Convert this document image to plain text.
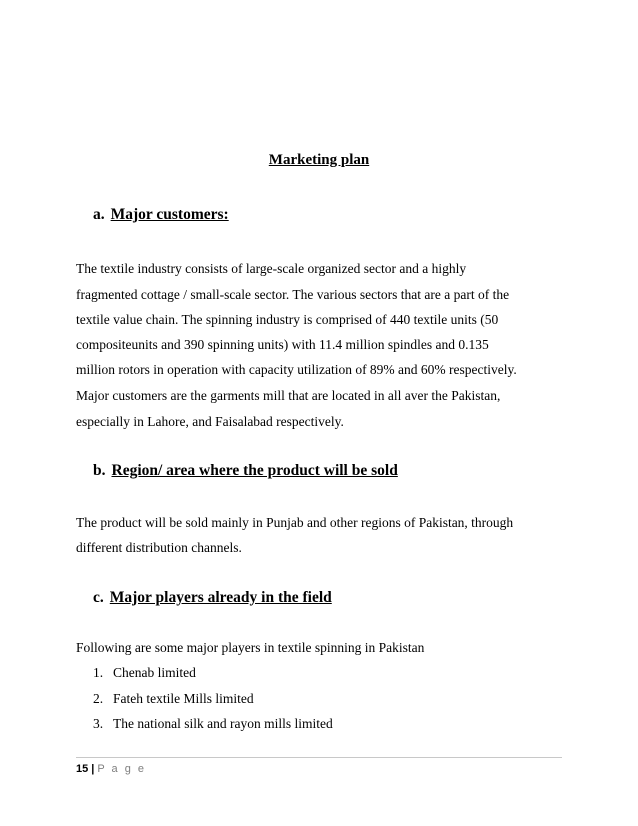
Marketing plan
a. Major customers:
The textile industry consists of large-scale organized sector and a highly
fragmented cottage / small-scale sector. The various sectors that are a part of the
textile value chain. The spinning industry is comprised of 440 textile units (50
compositeunits and 390 spinning units) with 11.4 million spindles and 0.135
million rotors in operation with capacity utilization of 89% and 60% respectively.
Major customers are the garments mill that are located in all aver the Pakistan,
especially in Lahore, and Faisalabad respectively.
b. Region/ area where the product will be sold
The product will be sold mainly in Punjab and other regions of Pakistan, through
different distribution channels.
c. Major players already in the field
Following are some major players in textile spinning in Pakistan
1. Chenab limited
2. Fateh textile Mills limited
3. The national silk and rayon mills limited
15 | P a g e
